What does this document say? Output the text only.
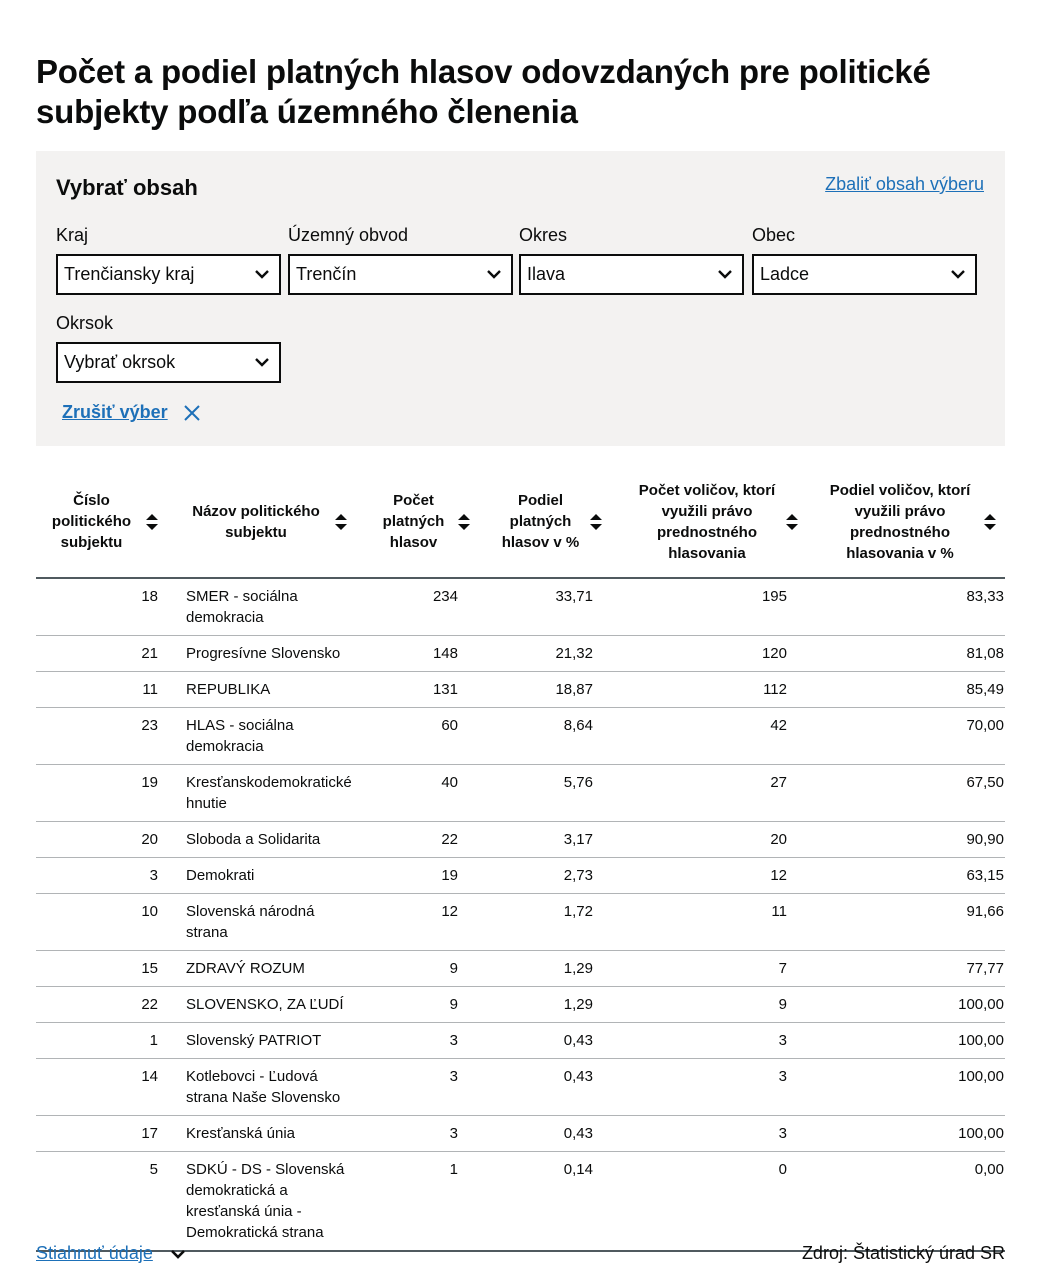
Počet a podiel platných hlasov odovzdaných pre politické subjekty podľa územného členenia
Vybrať obsah	Zbaliť obsah výberu
Kraj
Trenčiansky kraj
Územný obvod
Trenčín
Okres
Ilava
Obec
Ladce
Okrsok
Vybrať okrsok
Zrušiť výber
Číslo politického subjektu	Názov politického subjektu	Počet platných hlasov	Podiel platných hlasov v %	Počet voličov, ktorí využili právo prednostného hlasovania	Podiel voličov, ktorí využili právo prednostného hlasovania v %

18	SMER - sociálna demokracia	234	33,71	195	83,33
21	Progresívne Slovensko	148	21,32	120	81,08
11	REPUBLIKA	131	18,87	112	85,49
23	HLAS - sociálna demokracia	60	8,64	42	70,00
19	Kresťanskodemokratické hnutie	40	5,76	27	67,50
20	Sloboda a Solidarita	22	3,17	20	90,90
3	Demokrati	19	2,73	12	63,15
10	Slovenská národná strana	12	1,72	11	91,66
15	ZDRAVÝ ROZUM	9	1,29	7	77,77
22	SLOVENSKO, ZA ĽUDÍ	9	1,29	9	100,00
1	Slovenský PATRIOT	3	0,43	3	100,00
14	Kotlebovci - Ľudová strana Naše Slovensko	3	0,43	3	100,00
17	Kresťanská únia	3	0,43	3	100,00
5	SDKÚ - DS - Slovenská demokratická a kresťanská únia - Demokratická strana	1	0,14	0	0,00
Stiahnuť údaje	Zdroj: Štatistický úrad SR
